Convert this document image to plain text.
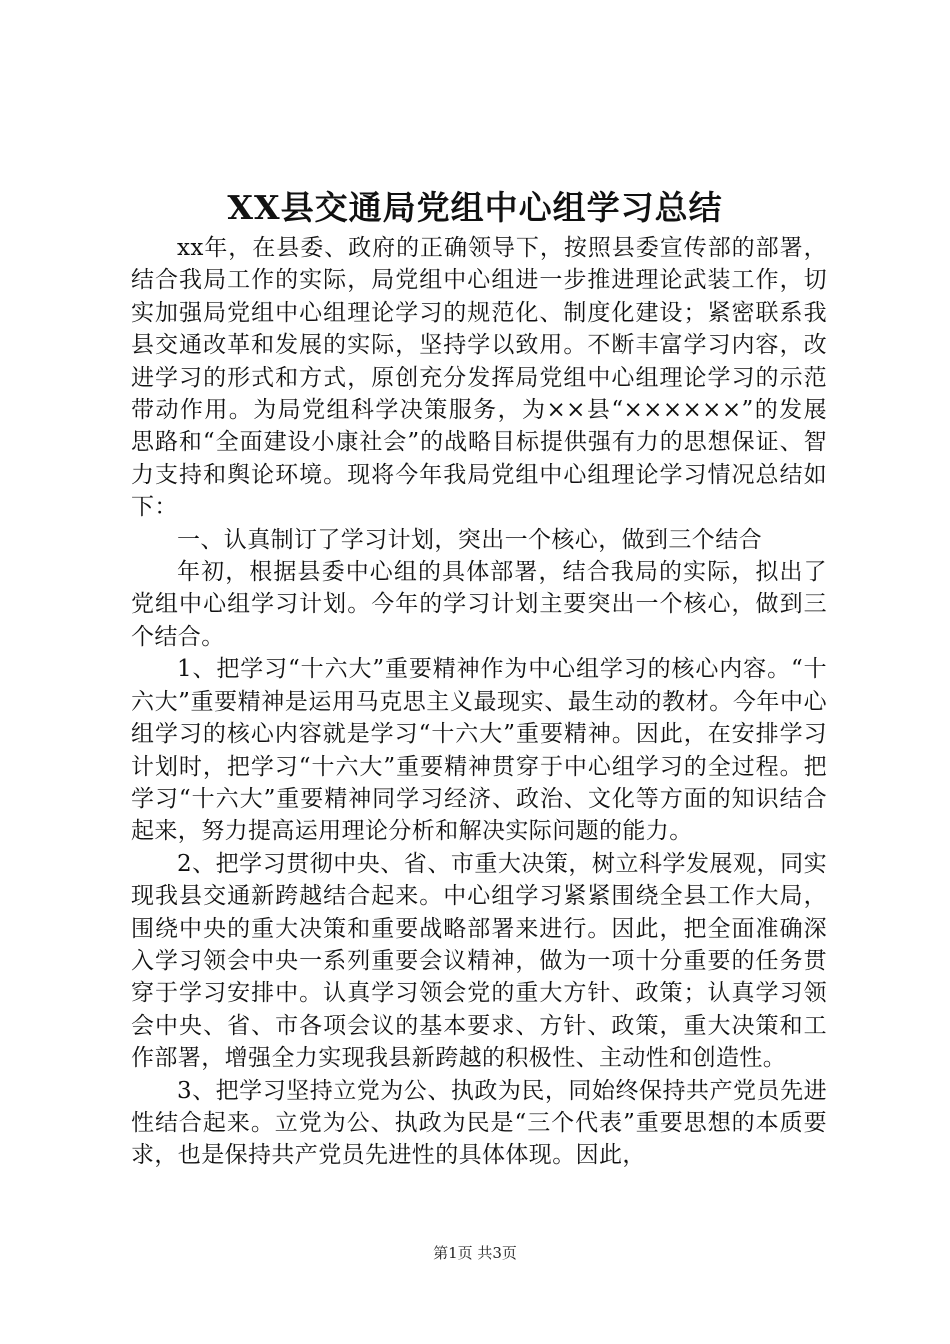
XX县交通局党组中心组学习总结

xx年，在县委、政府的正确领导下，按照县委宣传部的部署，结合我局工作的实际，局党组中心组进一步推进理论武装工作，切实加强局党组中心组理论学习的规范化、制度化建设；紧密联系我县交通改革和发展的实际，坚持学以致用。不断丰富学习内容，改进学习的形式和方式，原创充分发挥局党组中心组理论学习的示范带动作用。为局党组科学决策服务，为××县“××××××”的发展思路和“全面建设小康社会”的战略目标提供强有力的思想保证、智力支持和舆论环境。现将今年我局党组中心组理论学习情况总结如下：

一、认真制订了学习计划，突出一个核心，做到三个结合

年初，根据县委中心组的具体部署，结合我局的实际，拟出了党组中心组学习计划。今年的学习计划主要突出一个核心，做到三个结合。

1、把学习“十六大”重要精神作为中心组学习的核心内容。“十六大”重要精神是运用马克思主义最现实、最生动的教材。今年中心组学习的核心内容就是学习“十六大”重要精神。因此，在安排学习计划时，把学习“十六大”重要精神贯穿于中心组学习的全过程。把学习“十六大”重要精神同学习经济、政治、文化等方面的知识结合起来，努力提高运用理论分析和解决实际问题的能力。

2、把学习贯彻中央、省、市重大决策，树立科学发展观，同实现我县交通新跨越结合起来。中心组学习紧紧围绕全县工作大局，围绕中央的重大决策和重要战略部署来进行。因此，把全面准确深入学习领会中央一系列重要会议精神，做为一项十分重要的任务贯穿于学习安排中。认真学习领会党的重大方针、政策；认真学习领会中央、省、市各项会议的基本要求、方针、政策，重大决策和工作部署，增强全力实现我县新跨越的积极性、主动性和创造性。

3、把学习坚持立党为公、执政为民，同始终保持共产党员先进性结合起来。立党为公、执政为民是“三个代表”重要思想的本质要求，也是保持共产党员先进性的具体体现。因此，

第1页 共3页
